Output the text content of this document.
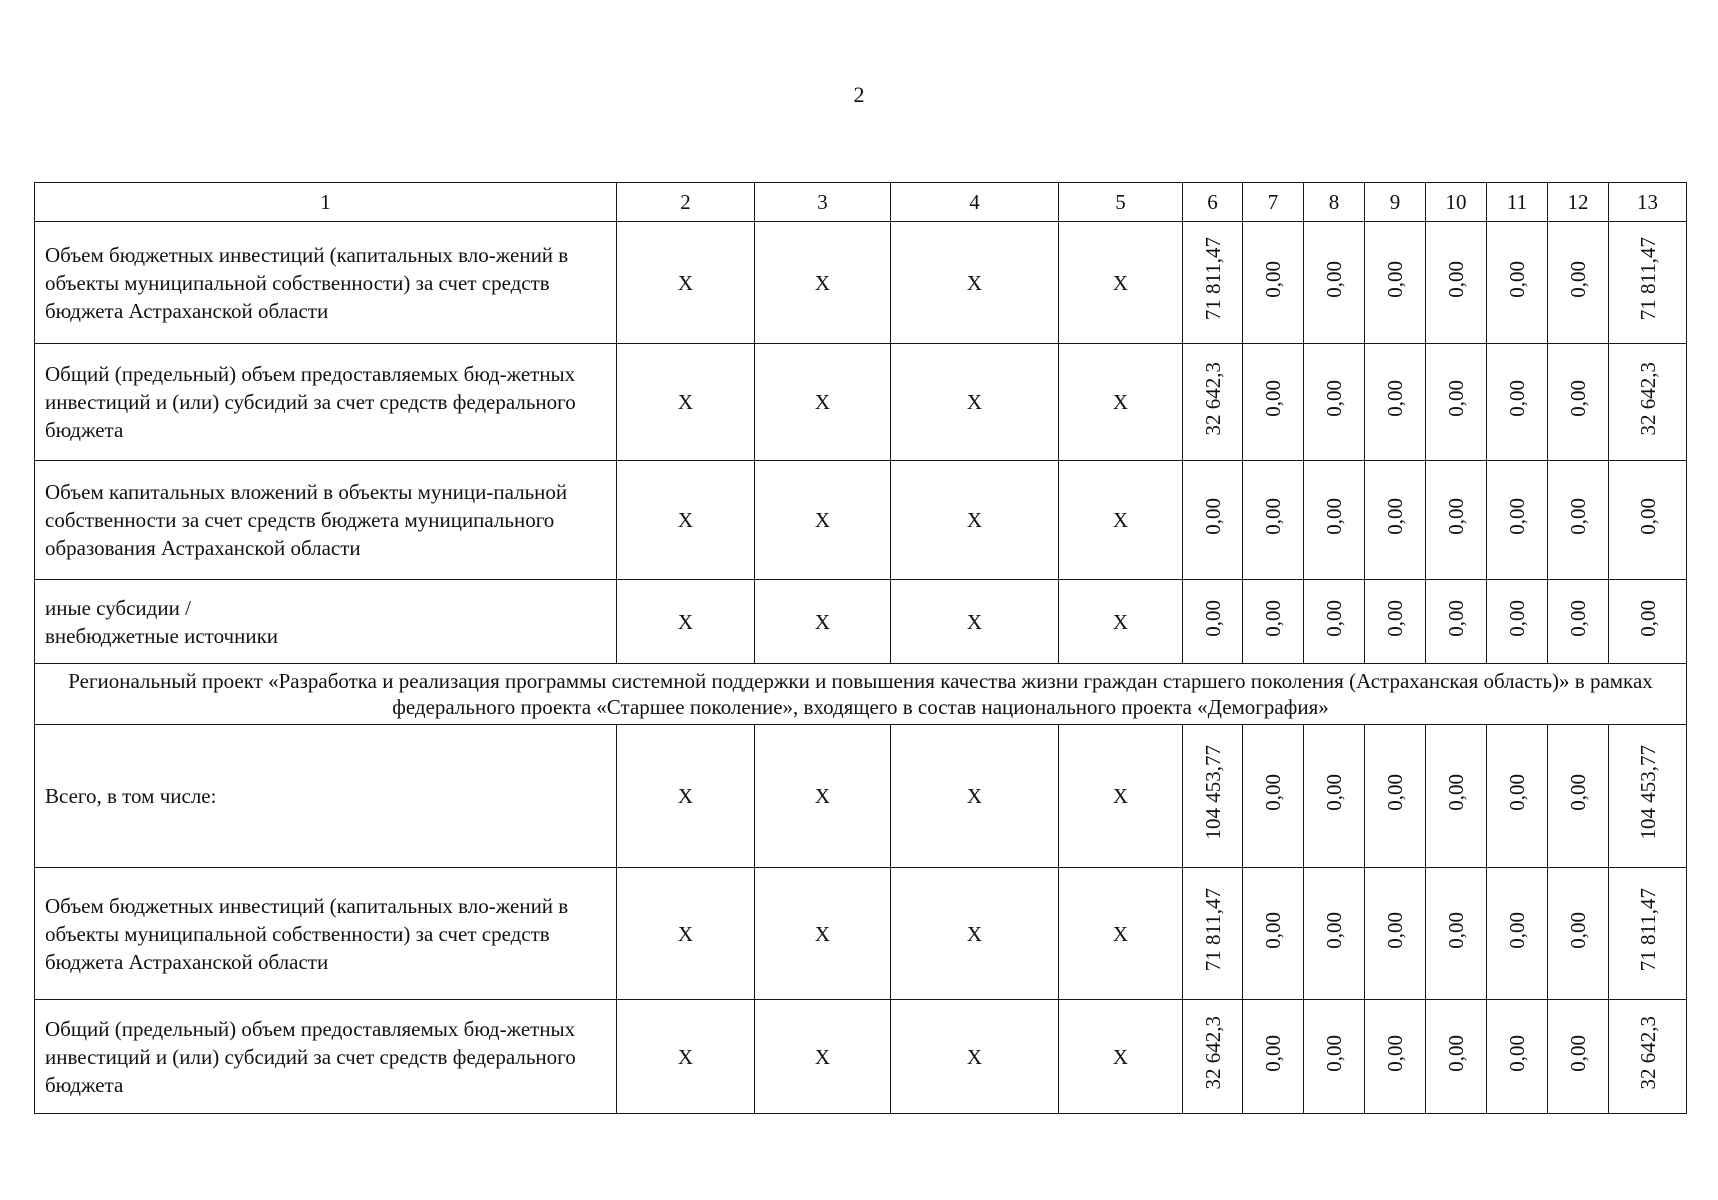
2
1	2	3	4	5	6	7	8	9	10	11	12	13
Объем бюджетных инвестиций (капитальных вло-жений в объекты муниципальной собственности) за счет средств бюджета Астраханской области	X	X	X	X	71 811,47	0,00	0,00	0,00	0,00	0,00	0,00	71 811,47
Общий (предельный) объем предоставляемых бюд-жетных инвестиций и (или) субсидий за счет средств федерального бюджета	X	X	X	X	32 642,3	0,00	0,00	0,00	0,00	0,00	0,00	32 642,3
Объем капитальных вложений в объекты муници-пальной собственности за счет средств бюджета муниципального образования Астраханской области	X	X	X	X	0,00	0,00	0,00	0,00	0,00	0,00	0,00	0,00
иные субсидии /
внебюджетные источники	X	X	X	X	0,00	0,00	0,00	0,00	0,00	0,00	0,00	0,00
Региональный проект «Разработка и реализация программы системной поддержки и повышения качества жизни граждан старшего поколения (Астраханская область)» в рамках федерального проекта «Старшее поколение», входящего в состав национального проекта «Демография»												
Всего, в том числе:	X	X	X	X	104 453,77	0,00	0,00	0,00	0,00	0,00	0,00	104 453,77
Объем бюджетных инвестиций (капитальных вло-жений в объекты муниципальной собственности) за счет средств бюджета Астраханской области	X	X	X	X	71 811,47	0,00	0,00	0,00	0,00	0,00	0,00	71 811,47
Общий (предельный) объем предоставляемых бюд-жетных инвестиций и (или) субсидий за счет средств федерального бюджета	X	X	X	X	32 642,3	0,00	0,00	0,00	0,00	0,00	0,00	32 642,3
